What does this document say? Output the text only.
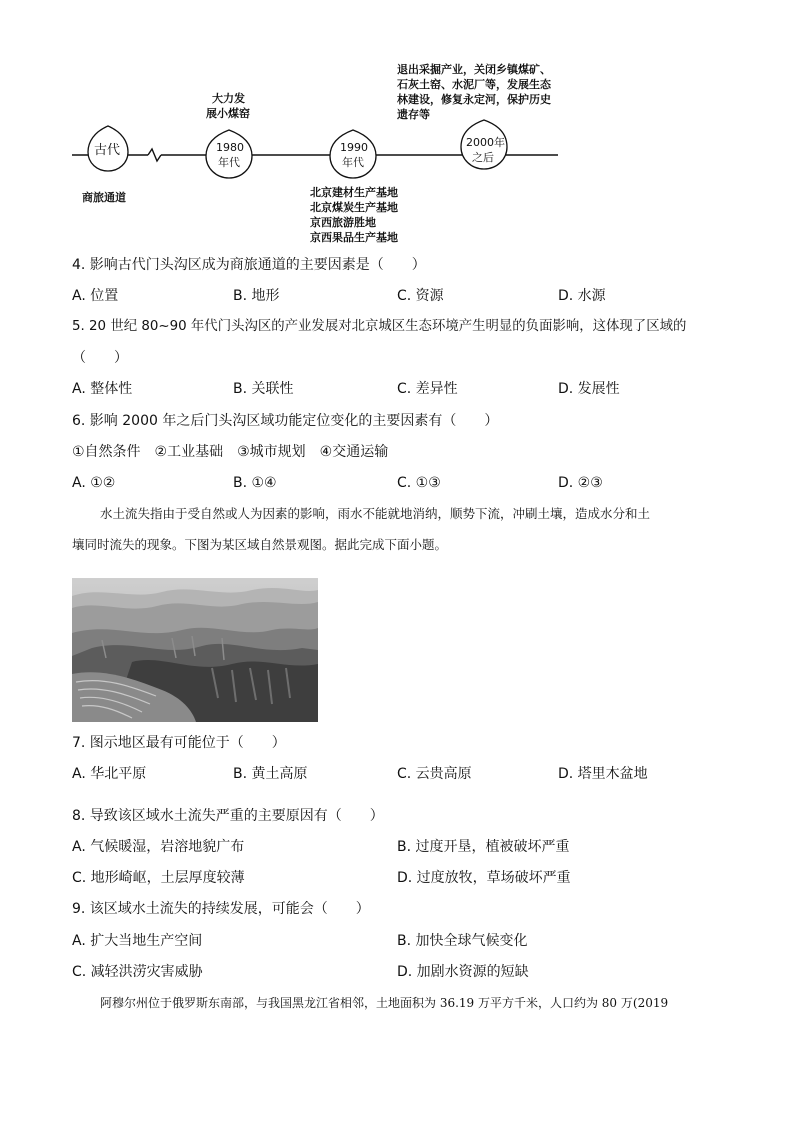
古代	1980
年代
1990
年代
2000年
之后
商旅通道
大力发
展小煤窑
北京建材生产基地
北京煤炭生产基地
京西旅游胜地
京西果品生产基地
退出采掘产业，关闭乡镇煤矿、
石灰土窑、水泥厂等，发展生态
林建设，修复永定河，保护历史
遗存等
4. 影响古代门头沟区成为商旅通道的主要因素是（　　）
A. 位置	B. 地形	C. 资源	D. 水源
5. 20 世纪 80~90 年代门头沟区的产业发展对北京城区生态环境产生明显的负面影响，这体现了区域的
（　　）
A. 整体性	B. 关联性	C. 差异性	D. 发展性
6. 影响 2000 年之后门头沟区域功能定位变化的主要因素有（　　）
①自然条件　②工业基础　③城市规划　④交通运输
A. ①②	B. ①④	C. ①③	D. ②③
水土流失指由于受自然或人为因素的影响，雨水不能就地消纳，顺势下流，冲刷土壤，造成水分和土
壤同时流失的现象。下图为某区域自然景观图。据此完成下面小题。
7. 图示地区最有可能位于（　　）
A. 华北平原	B. 黄土高原	C. 云贵高原	D. 塔里木盆地
8. 导致该区域水土流失严重的主要原因有（　　）
A. 气候暖湿，岩溶地貌广布	B. 过度开垦，植被破坏严重
C. 地形崎岖，土层厚度较薄	D. 过度放牧，草场破坏严重
9. 该区域水土流失的持续发展，可能会（　　）
A. 扩大当地生产空间	B. 加快全球气候变化
C. 减轻洪涝灾害威胁	D. 加剧水资源的短缺
阿穆尔州位于俄罗斯东南部，与我国黑龙江省相邻，土地面积为 36.19 万平方千米，人口约为 80 万(2019
